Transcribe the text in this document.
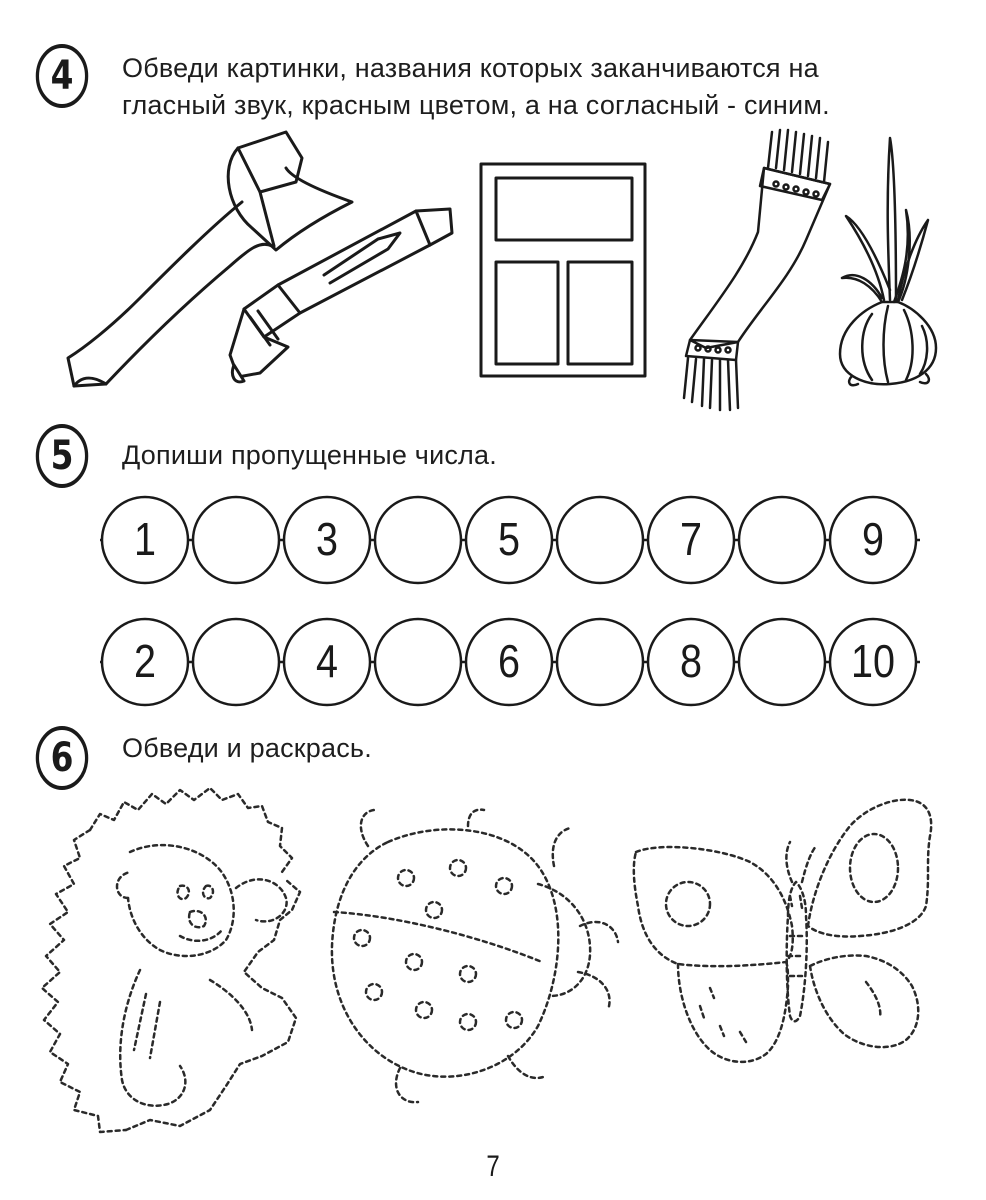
4	Обведи картинки, названия которых заканчиваются на
гласный звук, красным цветом, а на согласный - синим.
5	Допиши пропущенные числа.
1	3	5	7	9
2	4	6	8	10
6	Обведи и раскрась.
7
